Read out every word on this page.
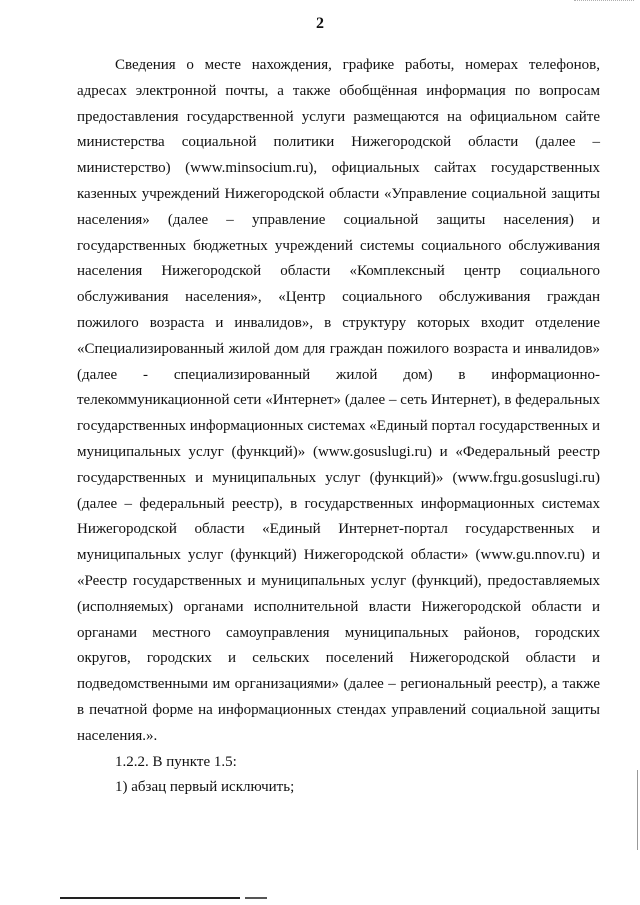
2

Сведения о месте нахождения, графике работы, номерах телефонов, адресах электронной почты, а также обобщённая информация по вопросам предоставления государственной услуги размещаются на официальном сайте министерства социальной политики Нижегородской области (далее – министерство) (www.minsocium.ru), официальных сайтах государственных казенных учреждений Нижегородской области «Управление социальной защиты населения» (далее – управление социальной защиты населения) и государственных бюджетных учреждений системы социального обслуживания населения Нижегородской области «Комплексный центр социального обслуживания населения», «Центр социального обслуживания граждан пожилого возраста и инвалидов», в структуру которых входит отделение «Специализированный жилой дом для граждан пожилого возраста и инвалидов» (далее - специализированный жилой дом) в информационно-телекоммуникационной сети «Интернет» (далее – сеть Интернет), в федеральных государственных информационных системах «Единый портал государственных и муниципальных услуг (функций)» (www.gosuslugi.ru) и «Федеральный реестр государственных и муниципальных услуг (функций)» (www.frgu.gosuslugi.ru) (далее – федеральный реестр), в государственных информационных системах Нижегородской области «Единый Интернет-портал государственных и муниципальных услуг (функций) Нижегородской области» (www.gu.nnov.ru) и «Реестр государственных и муниципальных услуг (функций), предоставляемых (исполняемых) органами исполнительной власти Нижегородской области и органами местного самоуправления муниципальных районов, городских округов, городских и сельских поселений Нижегородской области и подведомственными им организациями» (далее – региональный реестр), а также в печатной форме на информационных стендах управлений социальной защиты населения.».

1.2.2. В пункте 1.5:

1) абзац первый исключить;
